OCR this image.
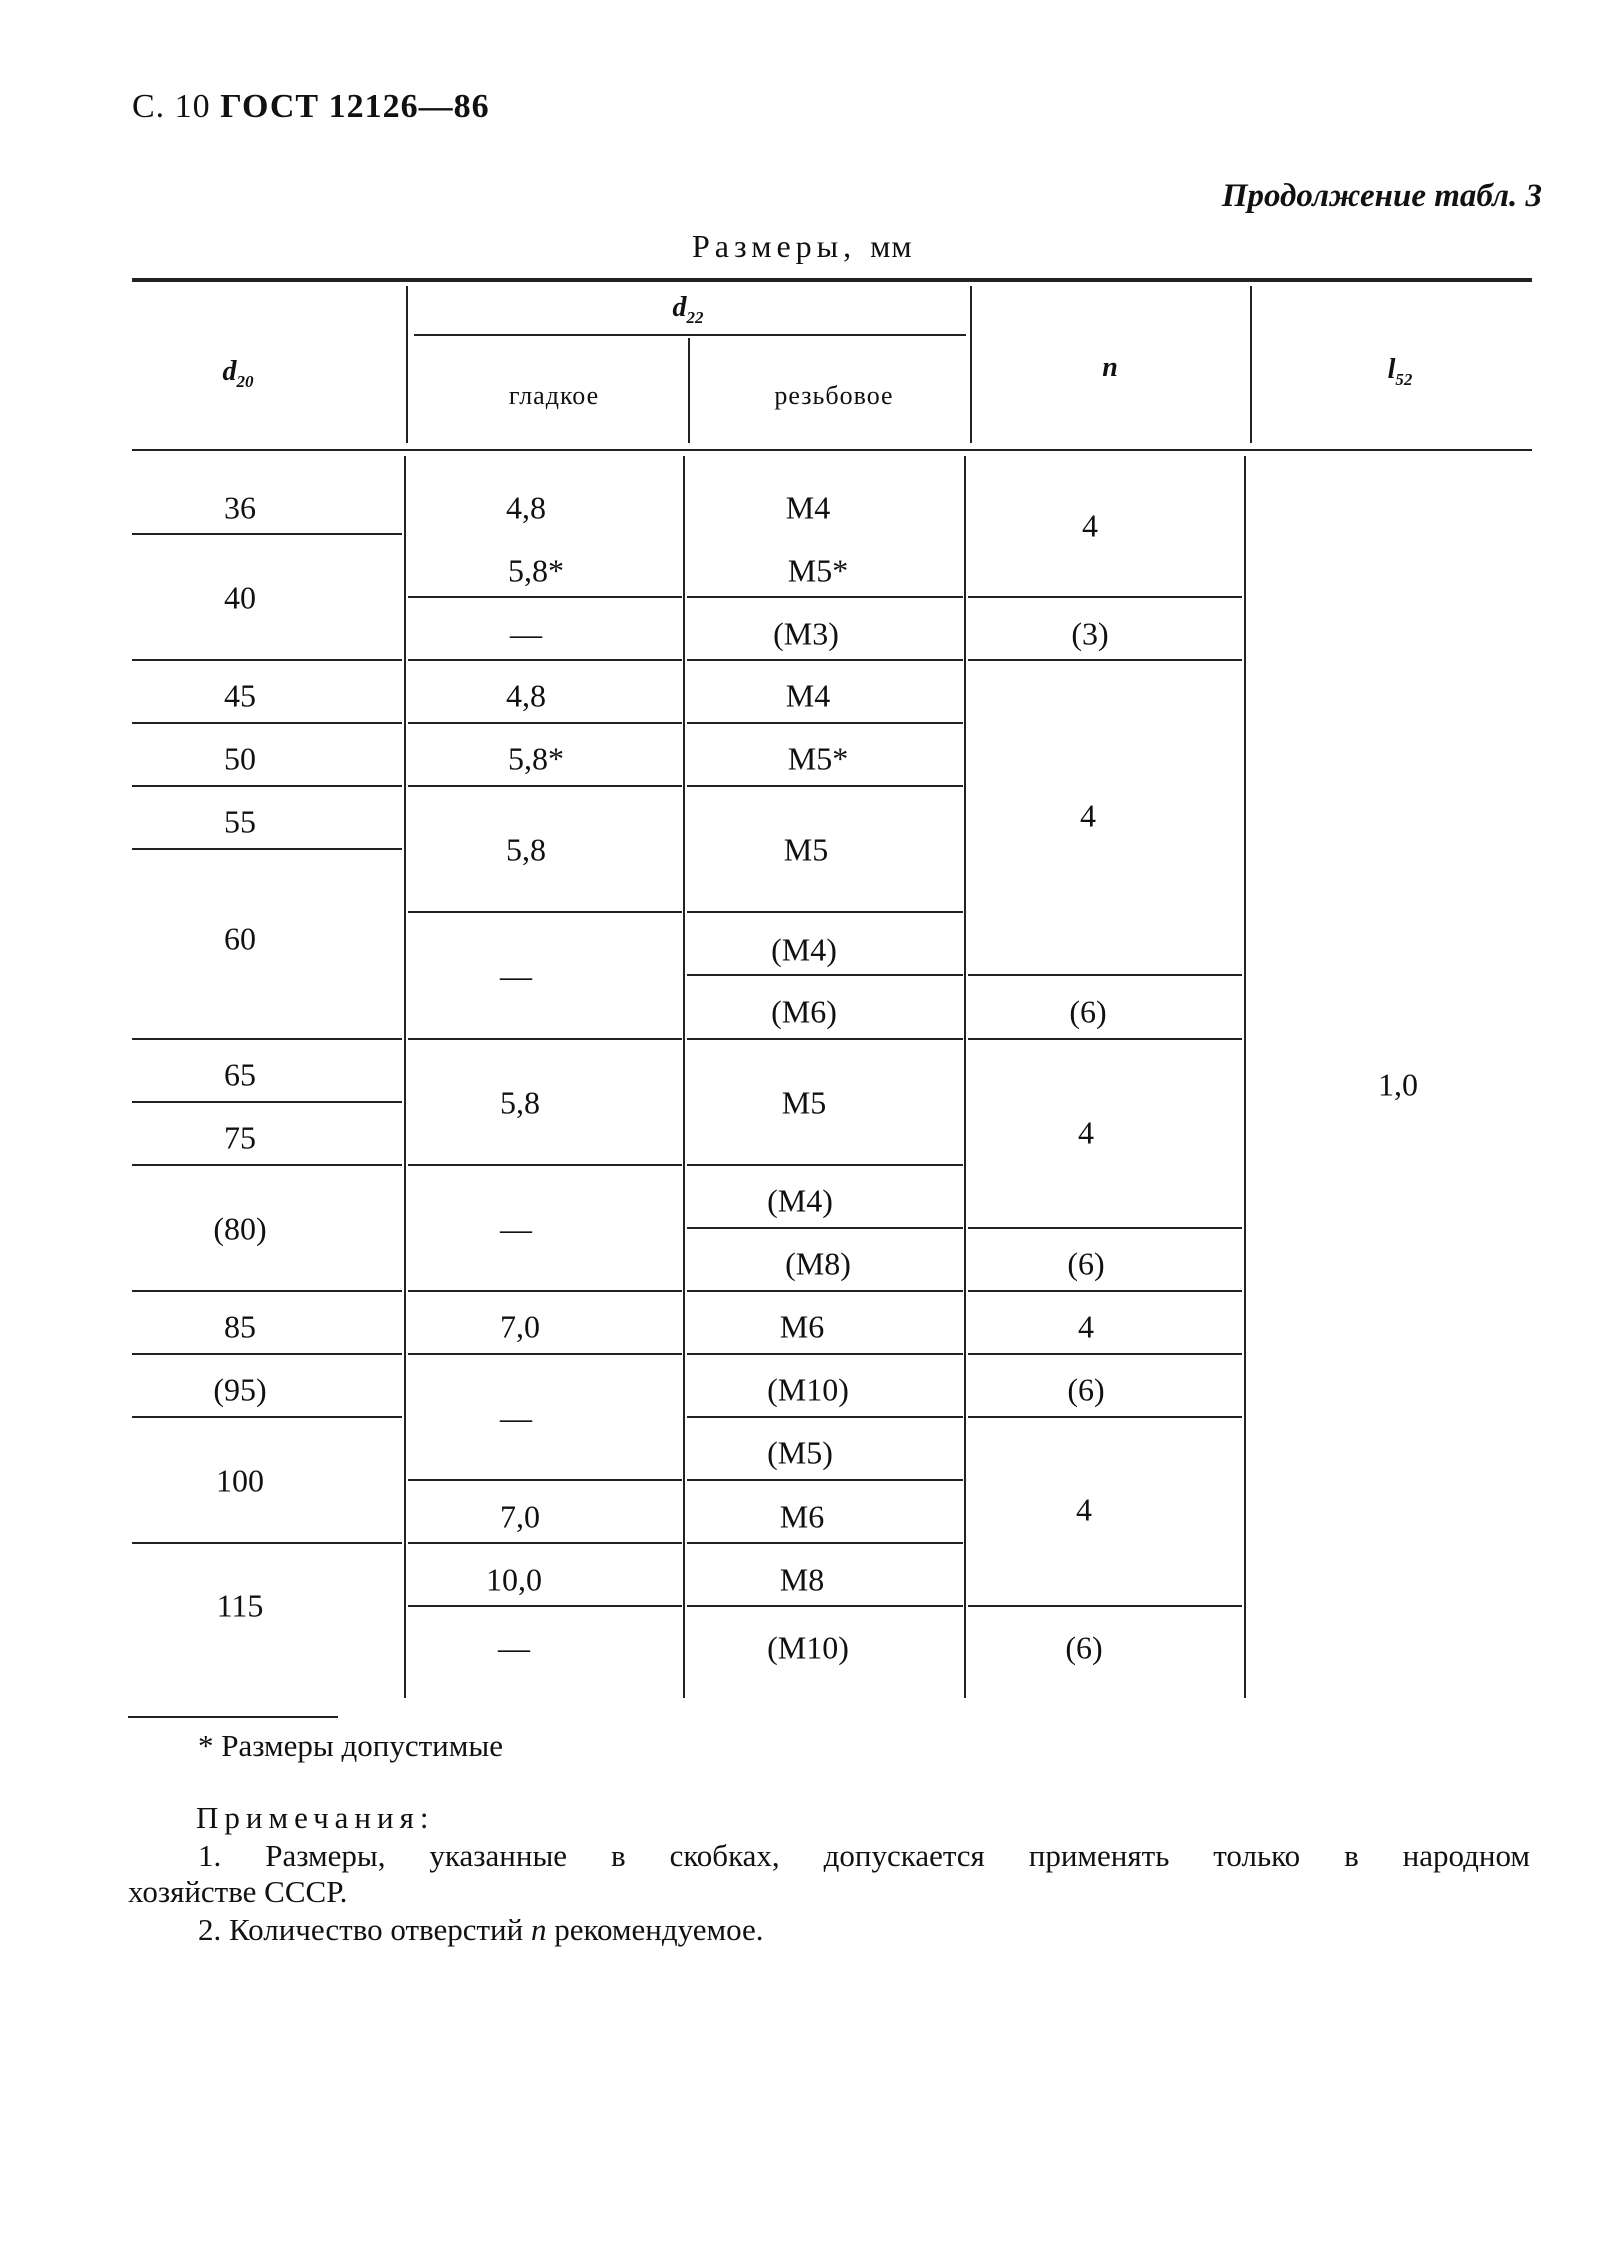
С. 10 ГОСТ 12126—86
Продолжение табл. 3
Размеры, мм
$d_{20}$
$d_{22}$
гладкое	резьбовое
n	$l_{52}$
36
40
45
50
55
60
65
75
(80)
85
(95)
100
115
4,8
5,8*
—
4,8
5,8*
5,8
—
5,8
—
7,0
—
7,0
10,0
—
M4
M5*
(M3)
M4
M5*
M5
(M4)
(M6)
M5
(M4)
(M8)
M6
(M10)
(M5)
M6
M8
(M10)
4
(3)
4
(6)
4
(6)
4
(6)
4
(6)
1,0
* Размеры допустимые
Примечания:
1. Размеры, указанные в скобках, допускается применять только в народном
хозяйстве СССР.
2. Количество отверстий n рекомендуемое.
